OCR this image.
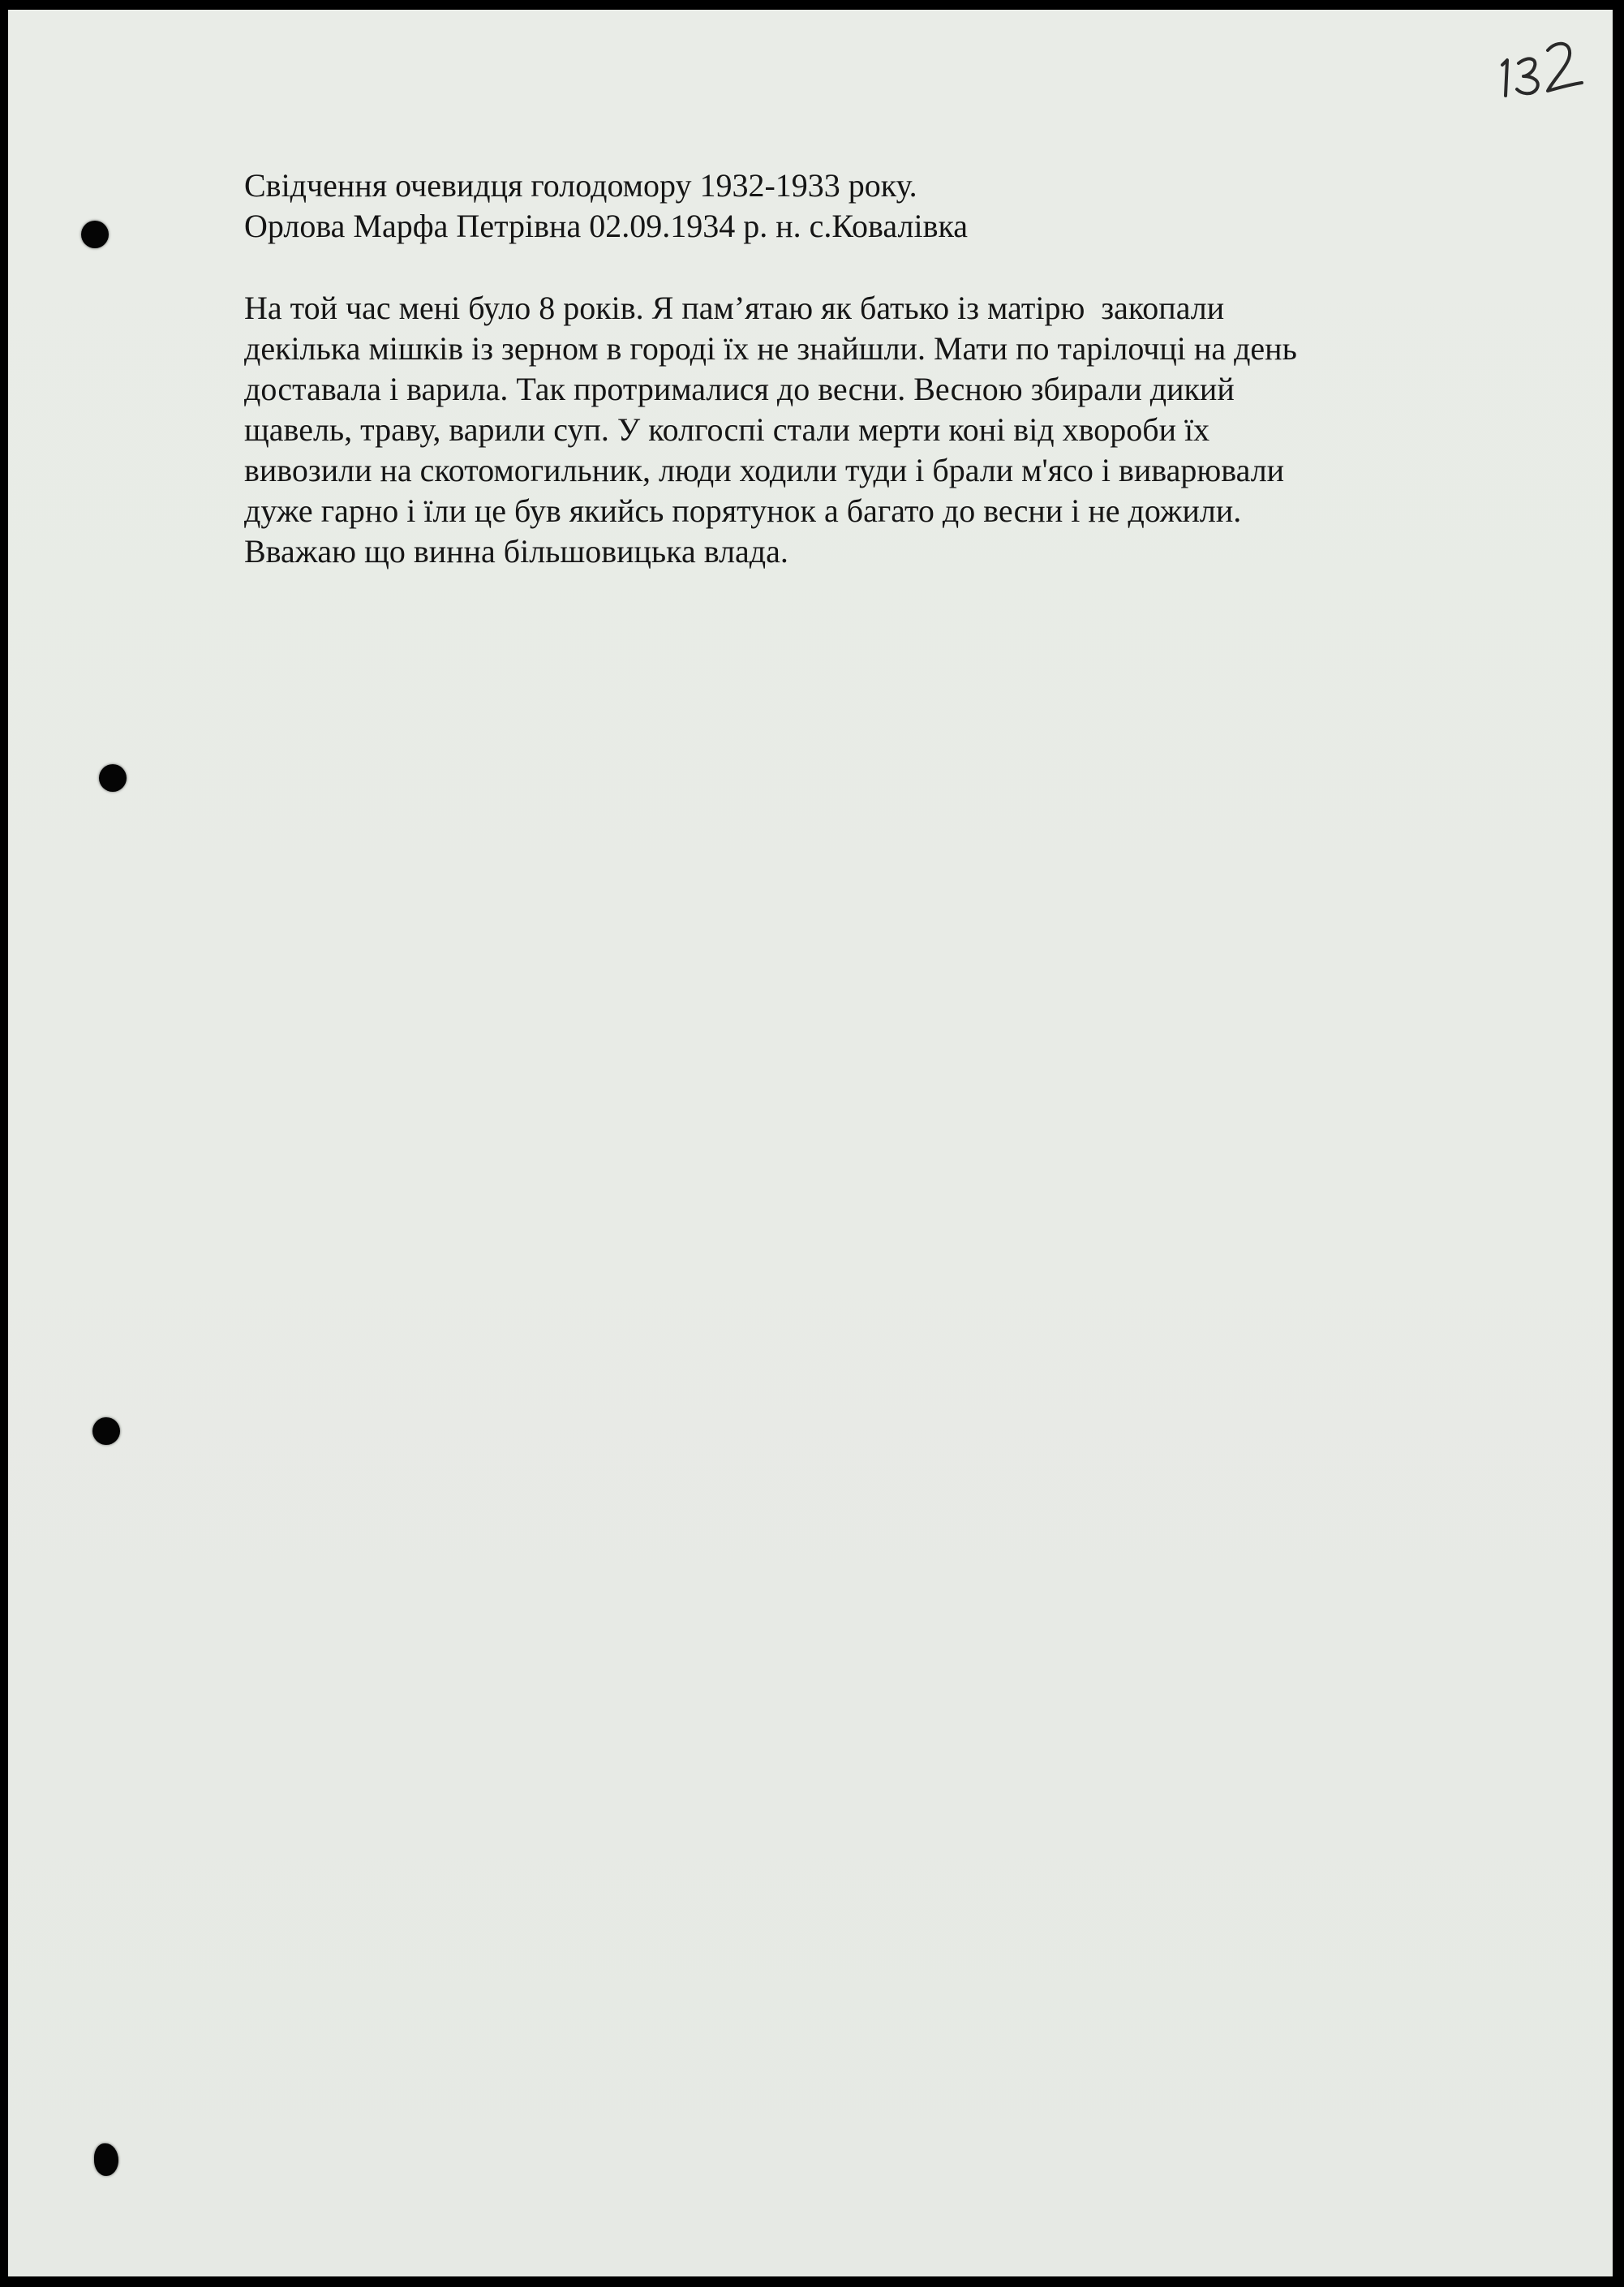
Свідчення очевидця голодомору 1932-1933 року.

Орлова Марфа Петрівна 02.09.1934 р. н. с.Ковалівка

На той час мені було 8 років. Я пам’ятаю як батько із матірю  закопали

декілька мішків із зерном в городі їх не знайшли. Мати по тарілочці на день

доставала і варила. Так протрималися до весни. Весною збирали дикий

щавель, траву, варили суп. У колгоспі стали мерти коні від хвороби їх

вивозили на скотомогильник, люди ходили туди і брали м'ясо і виварювали

дуже гарно і їли це був якийсь порятунок а багато до весни і не дожили.

Вважаю що винна більшовицька влада.
